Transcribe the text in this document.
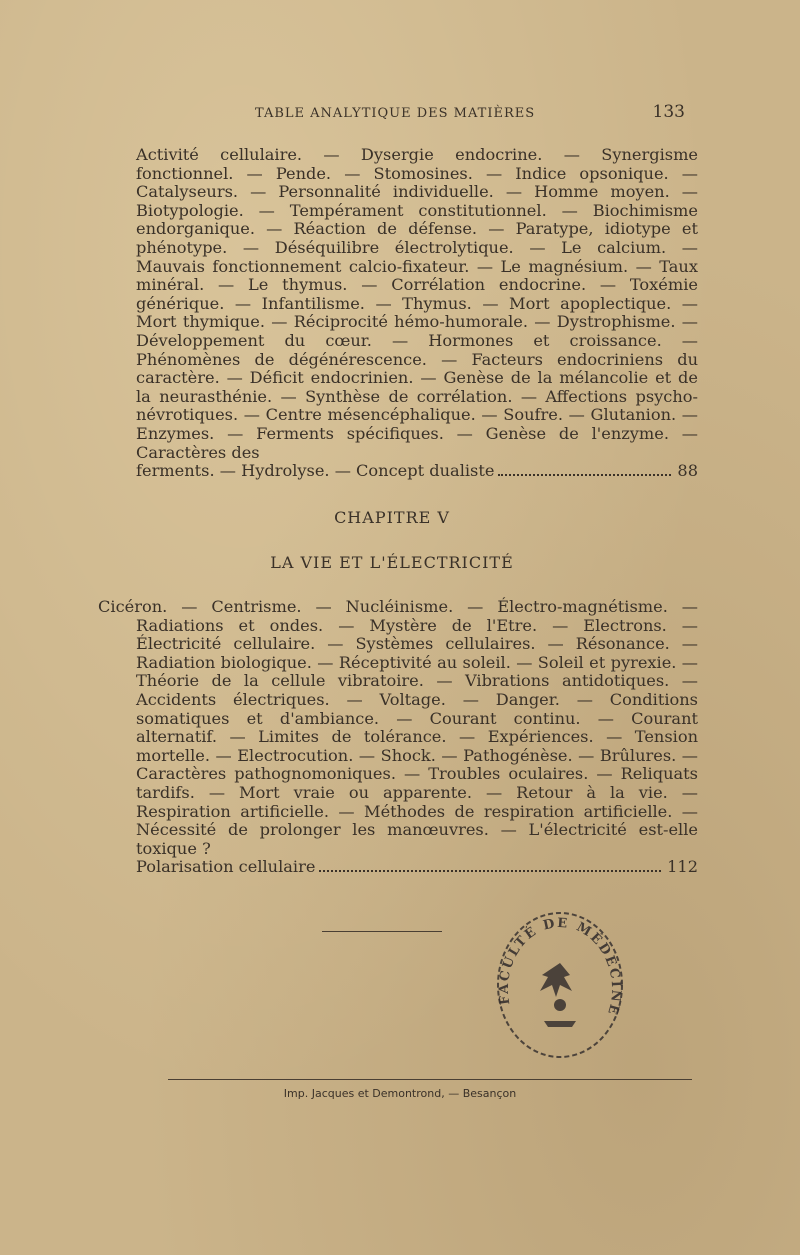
TABLE ANALYTIQUE DES MATIÈRES	133

Activité cellulaire. — Dysergie endocrine. — Synergisme fonctionnel. — Pende. — Stomosines. — Indice opsonique. — Catalyseurs. — Personnalité individuelle. — Homme moyen. — Biotypologie. — Tempérament constitutionnel. — Biochimisme endorganique. — Réaction de défense. — Paratype, idiotype et phénotype. — Déséquilibre électrolytique. — Le calcium. — Mauvais fonctionnement calcio-fixateur. — Le magnésium. — Taux minéral. — Le thymus. — Corrélation endocrine. — Toxémie générique. — Infantilisme. — Thymus. — Mort apoplectique. — Mort thymique. — Réciprocité hémo-humorale. — Dystrophisme. — Développement du cœur. — Hormones et croissance. — Phénomènes de dégénérescence. — Facteurs endocriniens du caractère. — Déficit endocrinien. — Genèse de la mélancolie et de la neurasthénie. — Synthèse de corrélation. — Affections psycho-névrotiques. — Centre mésencéphalique. — Soufre. — Glutanion. — Enzymes. — Ferments spécifiques. — Genèse de l'enzyme. — Caractères des

ferments. — Hydrolyse. — Concept dualiste	88
CHAPITRE V
LA VIE ET L'ÉLECTRICITÉ

Cicéron. — Centrisme. — Nucléinisme. — Électro-magnétisme. — Radiations et ondes. — Mystère de l'Etre. — Electrons. — Électricité cellulaire. — Systèmes cellulaires. — Résonance. — Radiation biologique. — Réceptivité au soleil. — Soleil et pyrexie. — Théorie de la cellule vibratoire. — Vibrations antidotiques. — Accidents électriques. — Voltage. — Danger. — Conditions somatiques et d'ambiance. — Courant continu. — Courant alternatif. — Limites de tolérance. — Expériences. — Tension mortelle. — Electrocution. — Shock. — Pathogénèse. — Brûlures. — Caractères pathognomoniques. — Troubles oculaires. — Reliquats tardifs. — Mort vraie ou apparente. — Retour à la vie. — Respiration artificielle. — Méthodes de respiration artificielle. — Nécessité de prolonger les manœuvres. — L'électricité est-elle toxique ?

Polarisation cellulaire	112
FACULTÉ DE MÉDECINE
Imp. Jacques et Demontrond, — Besançon
